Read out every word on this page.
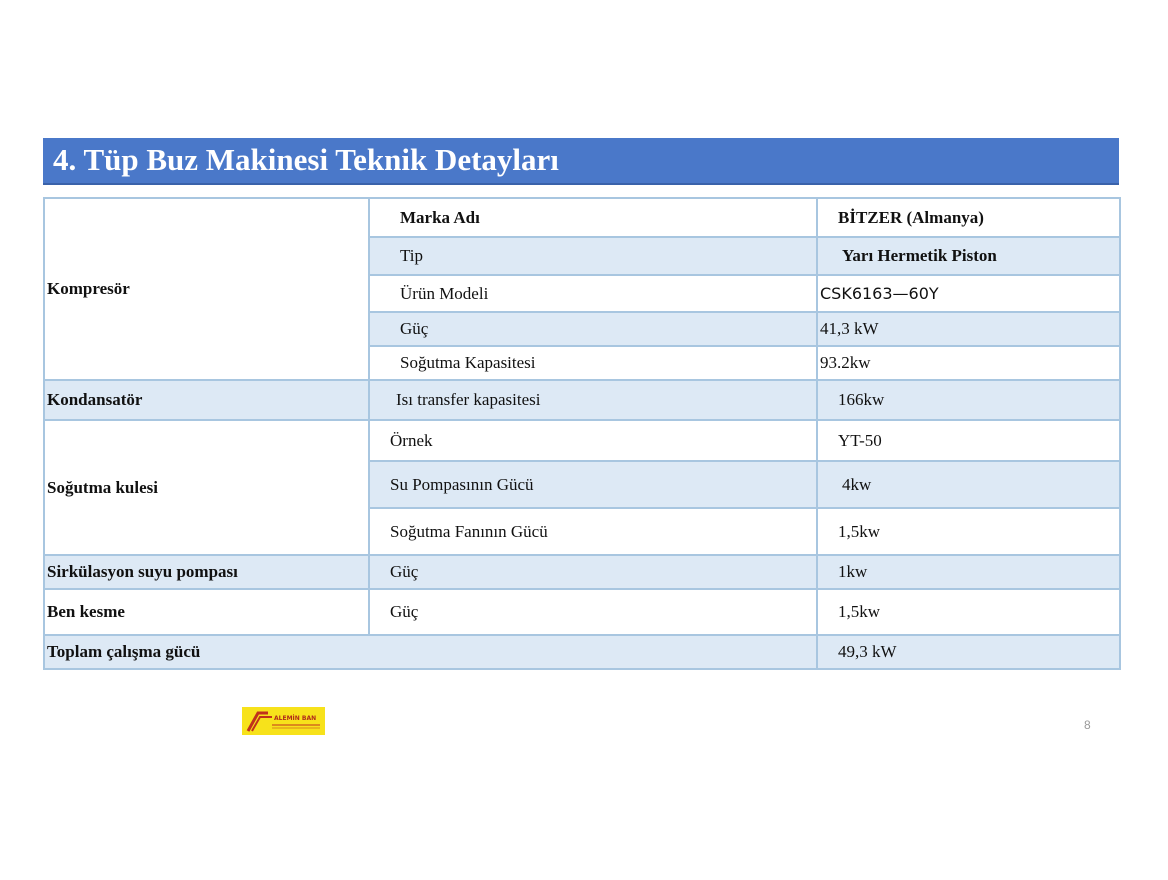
4. Tüp Buz Makinesi Teknik Detayları
Kompresör	Marka Adı	BİTZER (Almanya)
	Tip	Yarı Hermetik Piston
	Ürün Modeli	CSK6163—60Y
	Güç	41,3 kW
	Soğutma Kapasitesi	93.2kw
Kondansatör	Isı transfer kapasitesi	166kw
Soğutma kulesi	Örnek	YT-50
	Su Pompasının Gücü	4kw
	Soğutma Fanının Gücü	1,5kw
Sirkülasyon suyu pompası	Güç	1kw
Ben kesme	Güç	1,5kw
Toplam çalışma gücü		49,3 kW
ALEMİN BAN	8
